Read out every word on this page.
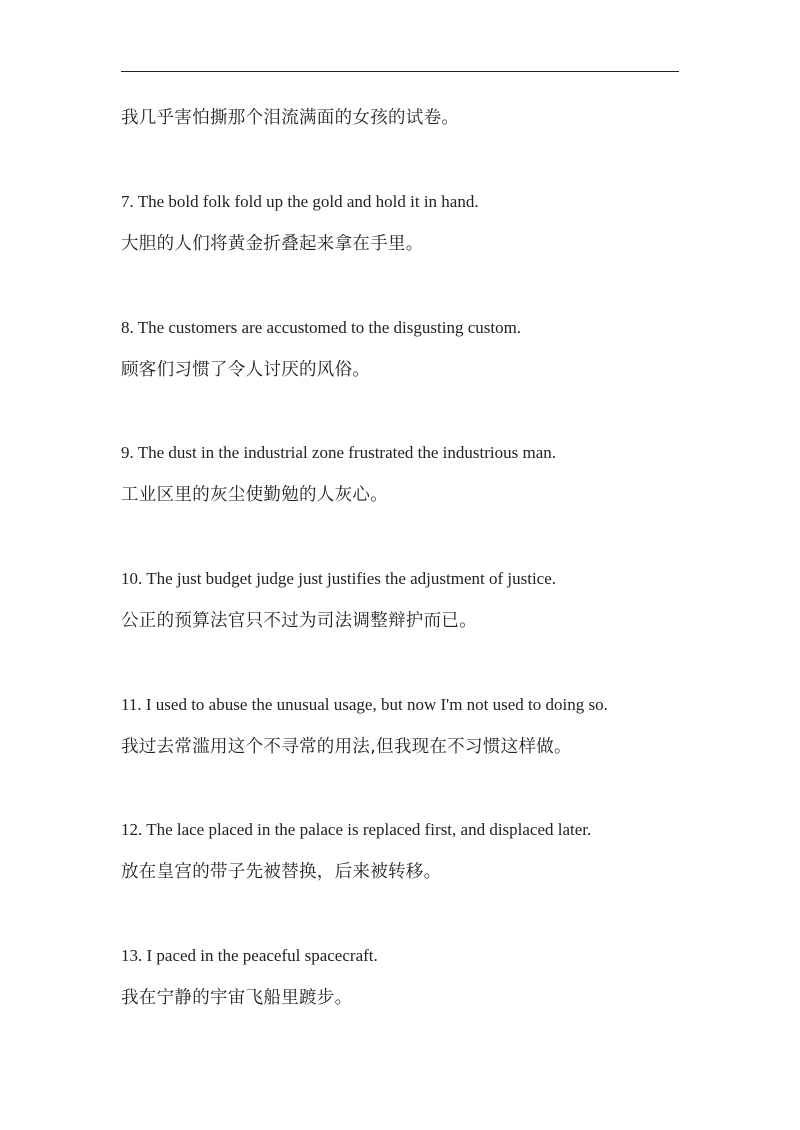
我几乎害怕撕那个泪流满面的女孩的试卷。
7. The bold folk fold up the gold and hold it in hand.
大胆的人们将黄金折叠起来拿在手里。
8. The customers are accustomed to the disgusting custom.
顾客们习惯了令人讨厌的风俗。
9. The dust in the industrial zone frustrated the industrious man.
工业区里的灰尘使勤勉的人灰心。
10. The just budget judge just justifies the adjustment of justice.
公正的预算法官只不过为司法调整辩护而已。
11. I used to abuse the unusual usage, but now I'm not used to doing so.
我过去常滥用这个不寻常的用法,但我现在不习惯这样做。
12. The lace placed in the palace is replaced first, and displaced later.
放在皇宫的带子先被替换，后来被转移。
13. I paced in the peaceful spacecraft.
我在宁静的宇宙飞船里踱步。
